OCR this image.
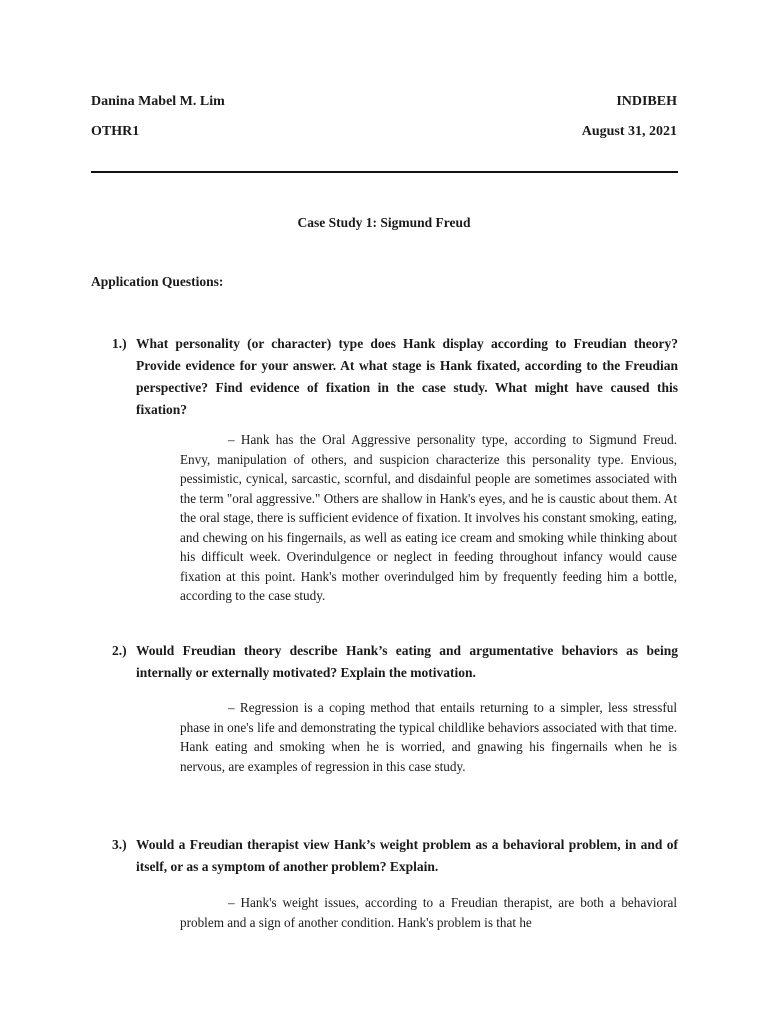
Danina Mabel M. Lim	INDIBEH
OTHR1	August 31, 2021
Case Study 1: Sigmund Freud
Application Questions:
1.) What personality (or character) type does Hank display according to Freudian theory? Provide evidence for your answer. At what stage is Hank fixated, according to the Freudian perspective? Find evidence of fixation in the case study. What might have caused this fixation?
– Hank has the Oral Aggressive personality type, according to Sigmund Freud. Envy, manipulation of others, and suspicion characterize this personality type. Envious, pessimistic, cynical, sarcastic, scornful, and disdainful people are sometimes associated with the term "oral aggressive." Others are shallow in Hank's eyes, and he is caustic about them. At the oral stage, there is sufficient evidence of fixation. It involves his constant smoking, eating, and chewing on his fingernails, as well as eating ice cream and smoking while thinking about his difficult week. Overindulgence or neglect in feeding throughout infancy would cause fixation at this point. Hank's mother overindulged him by frequently feeding him a bottle, according to the case study.
2.) Would Freudian theory describe Hank’s eating and argumentative behaviors as being internally or externally motivated? Explain the motivation.
– Regression is a coping method that entails returning to a simpler, less stressful phase in one's life and demonstrating the typical childlike behaviors associated with that time. Hank eating and smoking when he is worried, and gnawing his fingernails when he is nervous, are examples of regression in this case study.
3.) Would a Freudian therapist view Hank’s weight problem as a behavioral problem, in and of itself, or as a symptom of another problem? Explain.
– Hank's weight issues, according to a Freudian therapist, are both a behavioral problem and a sign of another condition. Hank's problem is that he
